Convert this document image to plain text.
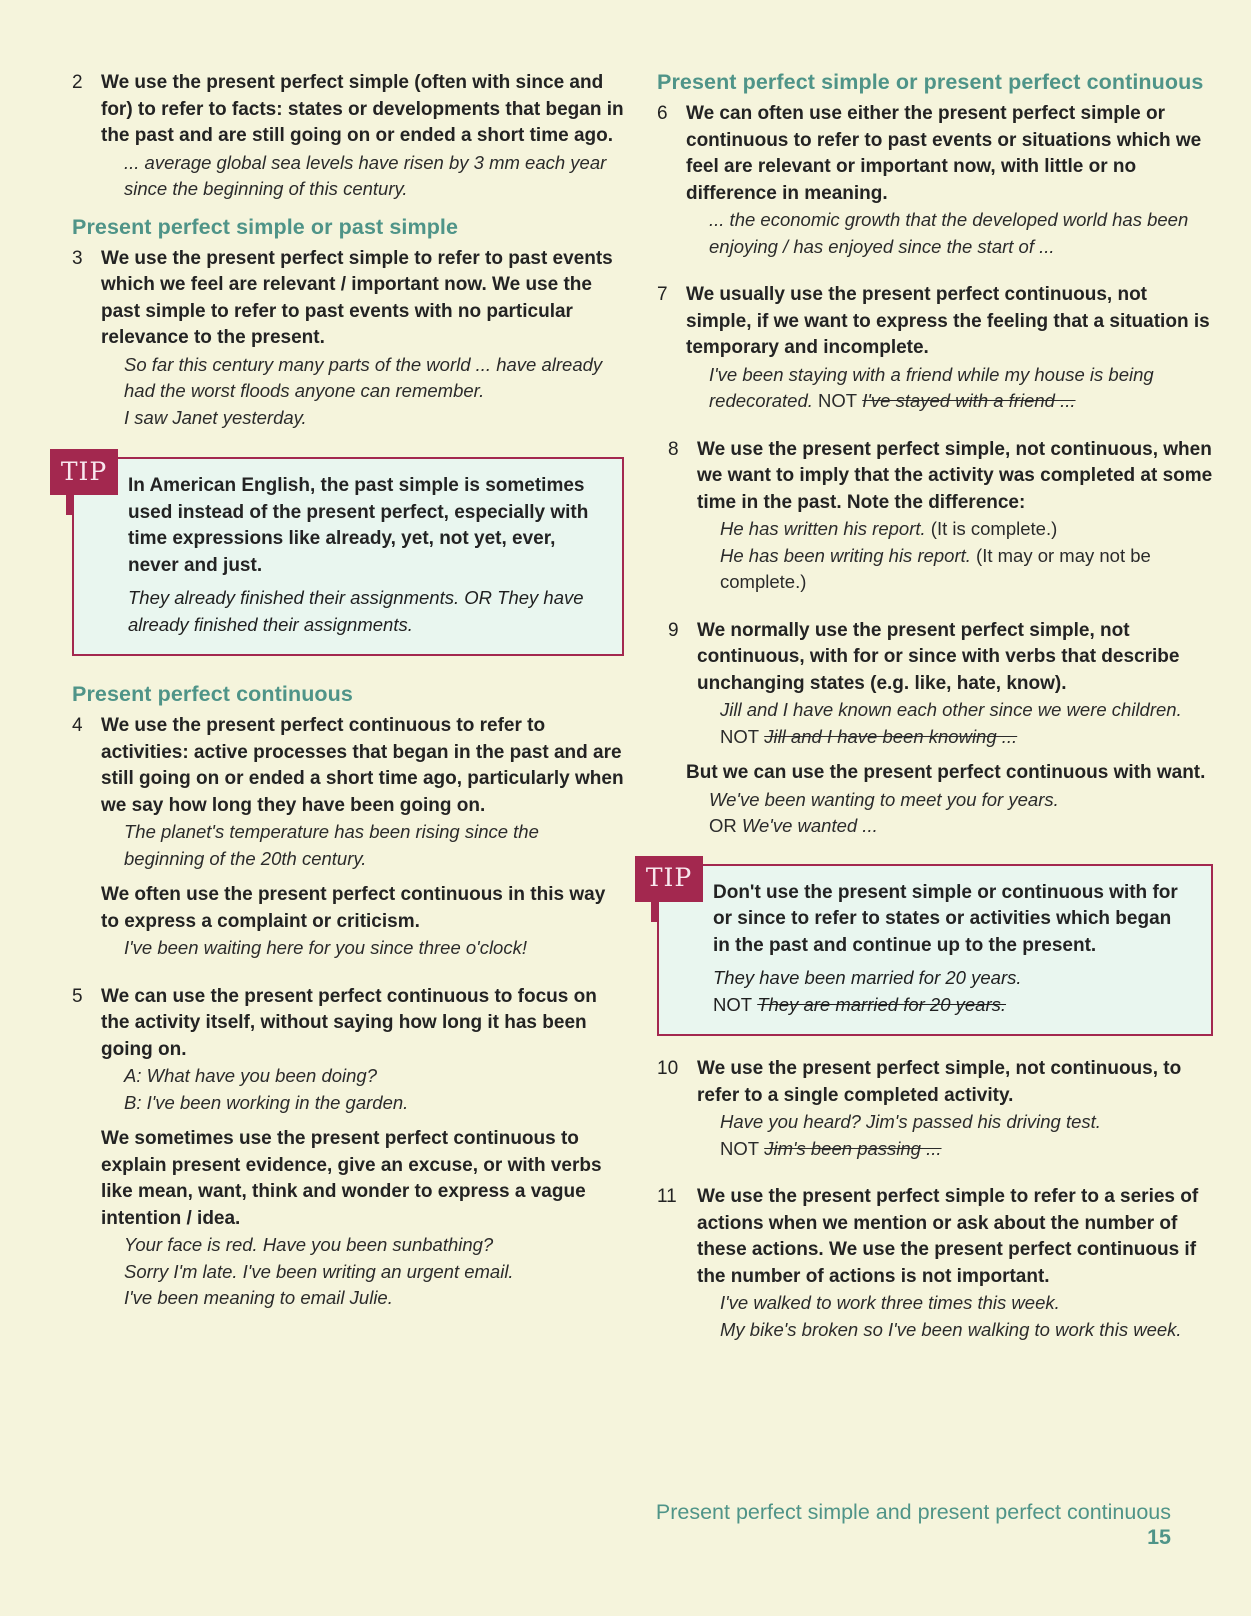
2 We use the present perfect simple (often with since and for) to refer to facts: states or developments that began in the past and are still going on or ended a short time ago.
... average global sea levels have risen by 3 mm each year since the beginning of this century.
Present perfect simple or past simple
3 We use the present perfect simple to refer to past events which we feel are relevant / important now. We use the past simple to refer to past events with no particular relevance to the present.
So far this century many parts of the world ... have already had the worst floods anyone can remember.
I saw Janet yesterday.
TIP	In American English, the past simple is sometimes used instead of the present perfect, especially with time expressions like already, yet, not yet, ever, never and just.
They already finished their assignments. OR They have already finished their assignments.
Present perfect continuous
4 We use the present perfect continuous to refer to activities: active processes that began in the past and are still going on or ended a short time ago, particularly when we say how long they have been going on.
The planet's temperature has been rising since the beginning of the 20th century.
We often use the present perfect continuous in this way to express a complaint or criticism.
I've been waiting here for you since three o'clock!
5 We can use the present perfect continuous to focus on the activity itself, without saying how long it has been going on.
A: What have you been doing?
B: I've been working in the garden.
We sometimes use the present perfect continuous to explain present evidence, give an excuse, or with verbs like mean, want, think and wonder to express a vague intention / idea.
Your face is red. Have you been sunbathing?
Sorry I'm late. I've been writing an urgent email.
I've been meaning to email Julie.
Present perfect simple or present perfect continuous
6 We can often use either the present perfect simple or continuous to refer to past events or situations which we feel are relevant or important now, with little or no difference in meaning.
... the economic growth that the developed world has been enjoying / has enjoyed since the start of ...
7 We usually use the present perfect continuous, not simple, if we want to express the feeling that a situation is temporary and incomplete.
I've been staying with a friend while my house is being redecorated. NOT I've stayed with a friend ...
8 We use the present perfect simple, not continuous, when we want to imply that the activity was completed at some time in the past. Note the difference:
He has written his report. (It is complete.)
He has been writing his report. (It may or may not be complete.)
9 We normally use the present perfect simple, not continuous, with for or since with verbs that describe unchanging states (e.g. like, hate, know).
Jill and I have known each other since we were children.
NOT Jill and I have been knowing ...
But we can use the present perfect continuous with want.
We've been wanting to meet you for years.
OR We've wanted ...
TIP	Don't use the present simple or continuous with for or since to refer to states or activities which began in the past and continue up to the present.
They have been married for 20 years.
NOT They are married for 20 years.
10 We use the present perfect simple, not continuous, to refer to a single completed activity.
Have you heard? Jim's passed his driving test.
NOT Jim's been passing ...
11 We use the present perfect simple to refer to a series of actions when we mention or ask about the number of these actions. We use the present perfect continuous if the number of actions is not important.
I've walked to work three times this week.
My bike's broken so I've been walking to work this week.
Present perfect simple and present perfect continuous 15
